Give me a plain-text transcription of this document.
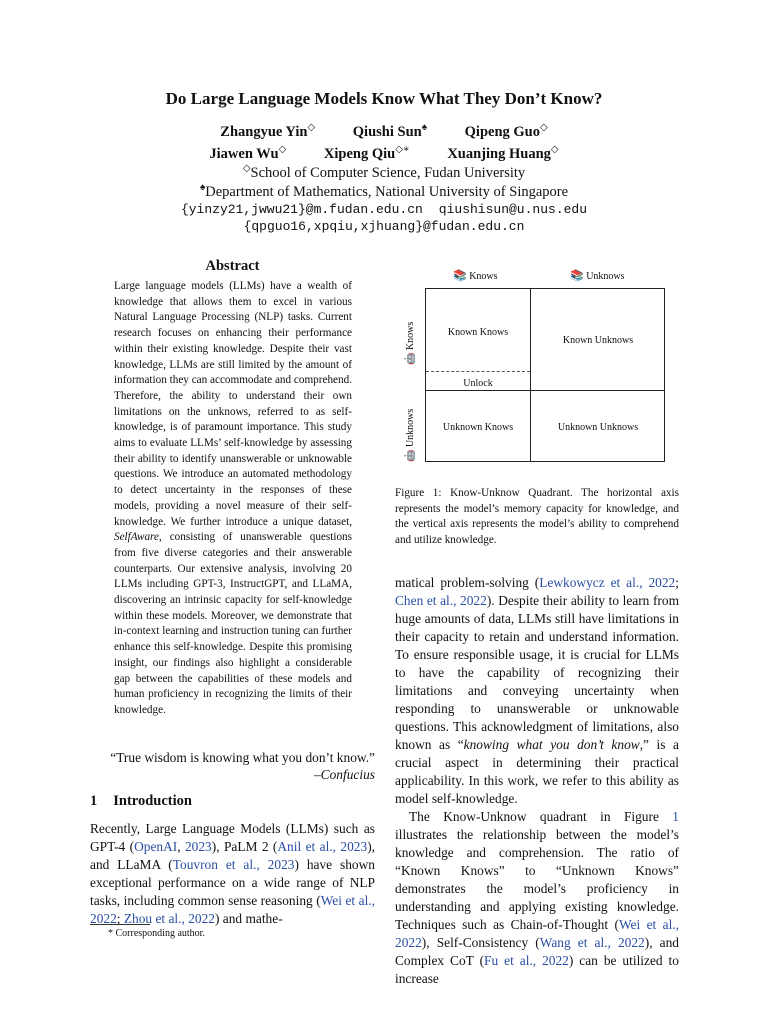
Do Large Language Models Know What They Don’t Know?
Zhangyue Yin◇	Qiushi Sun♠	Qipeng Guo◇
Jiawen Wu◇	Xipeng Qiu◇∗	Xuanjing Huang◇
◇School of Computer Science, Fudan University
♠Department of Mathematics, National University of Singapore
{yinzy21,jwwu21}@m.fudan.edu.cn qiushisun@u.nus.edu
{qpguo16,xpqiu,xjhuang}@fudan.edu.cn
Abstract
Large language models (LLMs) have a wealth of knowledge that allows them to excel in various Natural Language Processing (NLP) tasks. Current research focuses on enhancing their performance within their existing knowledge. Despite their vast knowledge, LLMs are still limited by the amount of information they can accommodate and comprehend. Therefore, the ability to understand their own limitations on the unknows, referred to as self-knowledge, is of paramount importance. This study aims to evaluate LLMs’ self-knowledge by assessing their ability to identify unanswerable or unknowable questions. We introduce an automated methodology to detect uncertainty in the responses of these models, providing a novel measure of their self-knowledge. We further introduce a unique dataset, SelfAware, consisting of unanswerable questions from five diverse categories and their answerable counterparts. Our extensive analysis, involving 20 LLMs including GPT-3, InstructGPT, and LLaMA, discovering an intrinsic capacity for self-knowledge within these models. Moreover, we demonstrate that in-context learning and instruction tuning can further enhance this self-knowledge. Despite this promising insight, our findings also highlight a considerable gap between the capabilities of these models and human proficiency in recognizing the limits of their knowledge.
“True wisdom is knowing what you don’t know.”
–Confucius
1 Introduction
Recently, Large Language Models (LLMs) such as GPT-4 (OpenAI, 2023), PaLM 2 (Anil et al., 2023), and LLaMA (Touvron et al., 2023) have shown exceptional performance on a wide range of NLP tasks, including common sense reasoning (Wei et al., 2022; Zhou et al., 2022) and mathe-
* Corresponding author.
📚 Knows	📚 Unknows
🤖 Knows
🤖 Unknows
Known Knows
Known Unknows
Unlock
Unknown Knows	Unknown Unknows
Figure 1: Know-Unknow Quadrant. The horizontal axis represents the model’s memory capacity for knowledge, and the vertical axis represents the model’s ability to comprehend and utilize knowledge.

matical problem-solving (Lewkowycz et al., 2022; Chen et al., 2022). Despite their ability to learn from huge amounts of data, LLMs still have limitations in their capacity to retain and understand information. To ensure responsible usage, it is crucial for LLMs to have the capability of recognizing their limitations and conveying uncertainty when responding to unanswerable or unknowable questions. This acknowledgment of limitations, also known as “knowing what you don’t know,” is a crucial aspect in determining their practical applicability. In this work, we refer to this ability as model self-knowledge.

The Know-Unknow quadrant in Figure 1 illustrates the relationship between the model’s knowledge and comprehension. The ratio of “Known Knows” to “Unknown Knows” demonstrates the model’s proficiency in understanding and applying existing knowledge. Techniques such as Chain-of-Thought (Wei et al., 2022), Self-Consistency (Wang et al., 2022), and Complex CoT (Fu et al., 2022) can be utilized to increase
